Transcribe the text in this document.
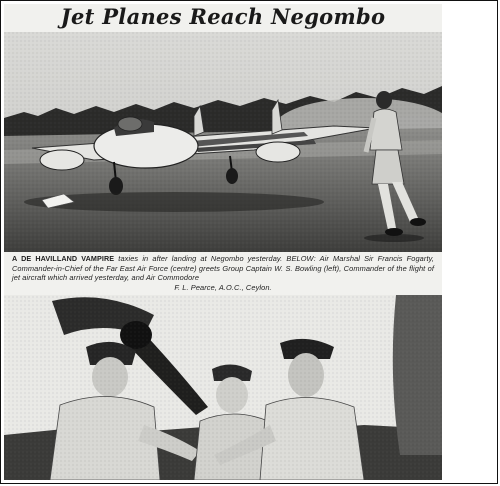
Jet Planes Reach Negombo
A DE HAVILLAND VAMPIRE taxies in after landing at Negombo yesterday. BELOW: Air Marshal Sir Francis Fogarty, Commander-in-Chief of the Far East Air Force (centre) greets Group Captain W. S. Bowling (left), Commander of the flight of jet aircraft which arrived yesterday, and Air Commodore
F. L. Pearce, A.O.C., Ceylon.
